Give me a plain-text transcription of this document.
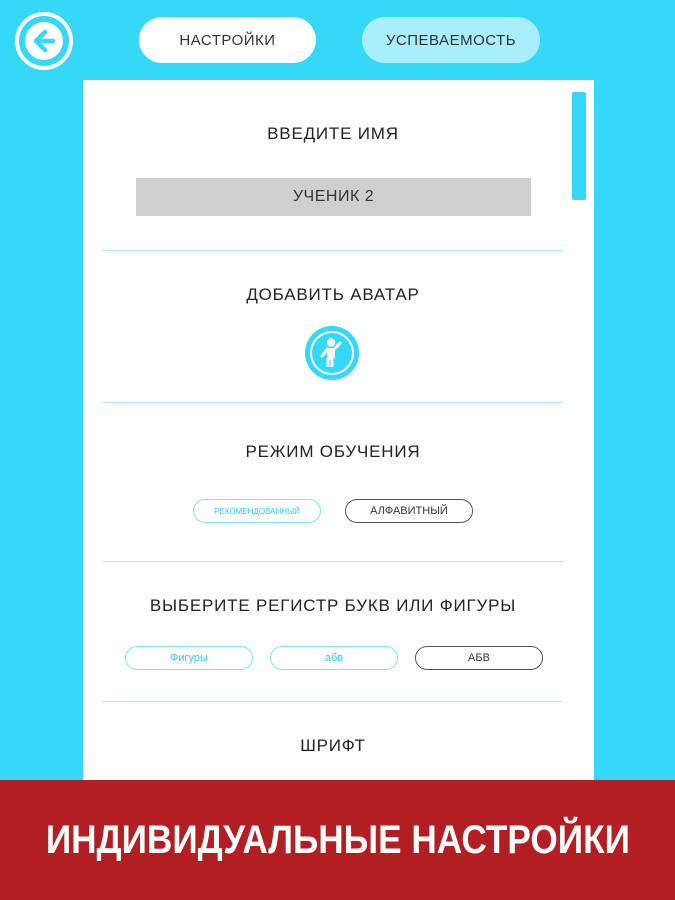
НАСТРОЙКИ	УСПЕВАЕМОСТЬ
ВВЕДИТЕ ИМЯ
УЧЕНИК 2
ДОБАВИТЬ АВАТАР
РЕЖИМ ОБУЧЕНИЯ
РЕКОМЕНДОВАННЫЙ	АЛФАВИТНЫЙ
ВЫБЕРИТЕ РЕГИСТР БУКВ ИЛИ ФИГУРЫ
Фигуры	абв	АБВ
ШРИФТ
ИНДИВИДУАЛЬНЫЕ НАСТРОЙКИ
